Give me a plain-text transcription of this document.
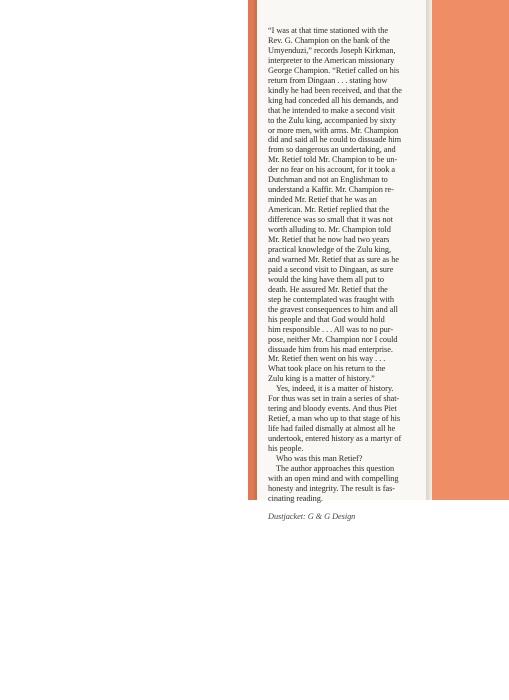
“I was at that time stationed with the
Rev. G. Champion on the bank of the
Umyenduzi,” records Joseph Kirkman,
interpreter to the American missionary
George Champion. “Retief called on his
return from Dingaan . . . stating how
kindly he had been received, and that the
king had conceded all his demands, and
that he intended to make a second visit
to the Zulu king, accompanied by sixty
or more men, with arms. Mr. Champion
did and said all he could to dissuade him
from so dangerous an undertaking, and
Mr. Retief told Mr. Champion to be un-
der no fear on his account, for it took a
Dutchman and not an Englishman to
understand a Kaffir. Mr. Champion re-
minded Mr. Retief that he was an
American. Mr. Retief replied that the
difference was so small that it was not
worth alluding to. Mr. Champion told
Mr. Retief that he now had two years
practical knowledge of the Zulu king,
and warned Mr. Retief that as sure as he
paid a second visit to Dingaan, as sure
would the king have them all put to
death. He assured Mr. Retief that the
step he contemplated was fraught with
the gravest consequences to him and all
his people and that God would hold
him responsible . . . All was to no pur-
pose, neither Mr. Champion nor I could
dissuade him from his mad enterprise.
Mr. Retief then went on his way . . .
What took place on his return to the
Zulu king is a matter of history.”
Yes, indeed, it is a matter of history.
For thus was set in train a series of shat-
tering and bloody events. And thus Piet
Retief, a man who up to that stage of his
life had failed dismally at almost all he
undertook, entered history as a martyr of
his people.
Who was this man Retief?
The author approaches this question
with an open mind and with compelling
honesty and integrity. The result is fas-
cinating reading.
Dustjacket: G & G Design
